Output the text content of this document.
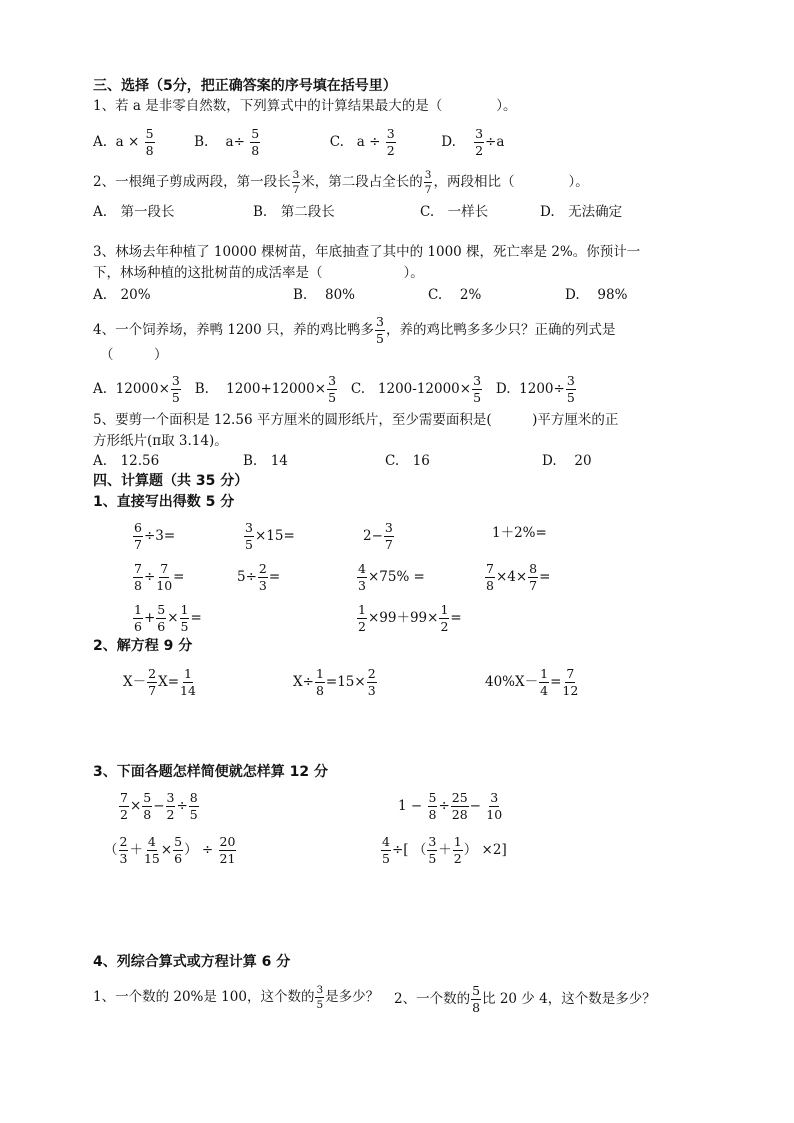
三、选择（5分，把正确答案的序号填在括号里）
1、若 a 是非零自然数，下列算式中的计算结果最大的是（　　　　）。
A. $a \times \frac{5}{8}$	B. $a\div \frac{5}{8}$	C. $a \div \frac{3}{2}$	D. $\frac{3}{2} \div a$
2、一根绳子剪成两段，第一段长 $\frac{3}{7}$ 米，第二段占全长的 $\frac{3}{7}$ ，两段相比（　　　　）。
A.　第一段长	B.　第二段长	C.　一样长	D.　无法确定
3、林场去年种植了 10000 棵树苗，年底抽查了其中的 1000 棵，死亡率是 2%。你预计一
下，林场种植的这批树苗的成活率是（　　　　　　）。
A.　20%	B.　 80%	C.　 2%	D.　 98%
4、一个饲养场，养鸭 1200 只，养的鸡比鸭多 $\frac{3}{5}$ ，养的鸡比鸭多多少只？正确的列式是
（　　　）
A. $12000\times \frac{3}{5} B$. $1200+12000\times \frac{3}{5} C$. $1200-12000\times \frac{3}{5} D$. $1200\div \frac{3}{5}$
5、要剪一个面积是 12.56 平方厘米的圆形纸片，至少需要面积是(　　　)平方厘米的正
方形纸片(π取 3.14)。
A.　12.56	B.　14	C.　16	D.　 20
四、计算题（共 35 分）
1、直接写出得数 5 分
$\frac{6}{7} \div 3=$	$\frac{3}{5} \times 15=$	$2- \frac{3}{7}$	1＋2%=
$\frac{7}{8} \div \frac{7}{10}$ =	$5\div \frac{2}{3}$ =	$\frac{4}{3} \times 75\%$ =	$\frac{7}{8} \times 4\times \frac{8}{7}$ =
$\frac{1}{6} + \frac{5}{6} \times \frac{1}{5}$ =	$\frac{1}{2} \times 99+99\times \frac{1}{2}$ =
2、解方程 9 分
$X- \frac{2}{7} X= \frac{1}{14}$	$X\div \frac{1}{8} =15\times \frac{2}{3}$	$40\%X- \frac{1}{4} = \frac{7}{12}$
3、下面各题怎样简便就怎样算 12 分
$\frac{7}{2} \times \frac{5}{8} - \frac{3}{2} \div \frac{8}{5}$	$1 - \frac{5}{8} \div \frac{25}{28} - \frac{3}{10}$
（ $\frac{2}{3} + \frac{4}{15} \times \frac{5}{6}$ ） ÷ $\frac{20}{21}$	$\frac{4}{5}$ ÷[ （ $\frac{3}{5} + \frac{1}{2}$ ） ×2]
4、列综合算式或方程计算 6 分
1、一个数的 20%是 100，这个数的 $\frac{3}{5}$ 是多少？ 2、一个数的 $\frac{5}{8}$ 比 20 少 4，这个数是多少？
